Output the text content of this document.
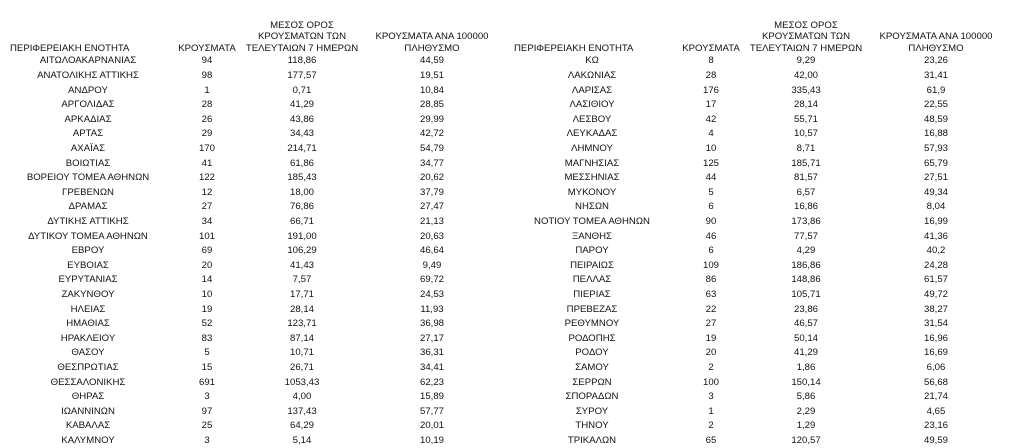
ΠΕΡΙΦΕΡΕΙΑΚΗ ΕΝΟΤΗΤΑ	ΚΡΟΥΣΜΑΤΑ	ΜΕΣΟΣ ΟΡΟΣ
ΚΡΟΥΣΜΑΤΩΝ ΤΩΝ
ΤΕΛΕΥΤΑΙΩΝ 7 ΗΜΕΡΩΝ	ΚΡΟΥΣΜΑΤΑ ΑΝΑ 100000
ΠΛΗΘΥΣΜΟ
ΑΙΤΩΛΟΑΚΑΡΝΑΝΙΑΣ	94	118,86	44,59
ΑΝΑΤΟΛΙΚΗΣ ΑΤΤΙΚΗΣ	98	177,57	19,51
ΑΝΔΡΟΥ	1	0,71	10,84
ΑΡΓΟΛΙΔΑΣ	28	41,29	28,85
ΑΡΚΑΔΙΑΣ	26	43,86	29,99
ΑΡΤΑΣ	29	34,43	42,72
ΑΧΑΪΑΣ	170	214,71	54,79
ΒΟΙΩΤΙΑΣ	41	61,86	34,77
ΒΟΡΕΙΟΥ ΤΟΜΕΑ ΑΘΗΝΩΝ	122	185,43	20,62
ΓΡΕΒΕΝΩΝ	12	18,00	37,79
ΔΡΑΜΑΣ	27	76,86	27,47
ΔΥΤΙΚΗΣ ΑΤΤΙΚΗΣ	34	66,71	21,13
ΔΥΤΙΚΟΥ ΤΟΜΕΑ ΑΘΗΝΩΝ	101	191,00	20,63
ΕΒΡΟΥ	69	106,29	46,64
ΕΥΒΟΙΑΣ	20	41,43	9,49
ΕΥΡΥΤΑΝΙΑΣ	14	7,57	69,72
ΖΑΚΥΝΘΟΥ	10	17,71	24,53
ΗΛΕΙΑΣ	19	28,14	11,93
ΗΜΑΘΙΑΣ	52	123,71	36,98
ΗΡΑΚΛΕΙΟΥ	83	87,14	27,17
ΘΑΣΟΥ	5	10,71	36,31
ΘΕΣΠΡΩΤΙΑΣ	15	26,71	34,41
ΘΕΣΣΑΛΟΝΙΚΗΣ	691	1053,43	62,23
ΘΗΡΑΣ	3	4,00	15,89
ΙΩΑΝΝΙΝΩΝ	97	137,43	57,77
ΚΑΒΑΛΑΣ	25	64,29	20,01
ΚΑΛΥΜΝΟΥ	3	5,14	10,19
ΠΕΡΙΦΕΡΕΙΑΚΗ ΕΝΟΤΗΤΑ	ΚΡΟΥΣΜΑΤΑ	ΜΕΣΟΣ ΟΡΟΣ
ΚΡΟΥΣΜΑΤΩΝ ΤΩΝ
ΤΕΛΕΥΤΑΙΩΝ 7 ΗΜΕΡΩΝ	ΚΡΟΥΣΜΑΤΑ ΑΝΑ 100000
ΠΛΗΘΥΣΜΟ
ΚΩ	8	9,29	23,26
ΛΑΚΩΝΙΑΣ	28	42,00	31,41
ΛΑΡΙΣΑΣ	176	335,43	61,9
ΛΑΣΙΘΙΟΥ	17	28,14	22,55
ΛΕΣΒΟΥ	42	55,71	48,59
ΛΕΥΚΑΔΑΣ	4	10,57	16,88
ΛΗΜΝΟΥ	10	8,71	57,93
ΜΑΓΝΗΣΙΑΣ	125	185,71	65,79
ΜΕΣΣΗΝΙΑΣ	44	81,57	27,51
ΜΥΚΟΝΟΥ	5	6,57	49,34
ΝΗΣΩΝ	6	16,86	8,04
ΝΟΤΙΟΥ ΤΟΜΕΑ ΑΘΗΝΩΝ	90	173,86	16,99
ΞΑΝΘΗΣ	46	77,57	41,36
ΠΑΡΟΥ	6	4,29	40,2
ΠΕΙΡΑΙΩΣ	109	186,86	24,28
ΠΕΛΛΑΣ	86	148,86	61,57
ΠΙΕΡΙΑΣ	63	105,71	49,72
ΠΡΕΒΕΖΑΣ	22	23,86	38,27
ΡΕΘΥΜΝΟΥ	27	46,57	31,54
ΡΟΔΟΠΗΣ	19	50,14	16,96
ΡΟΔΟΥ	20	41,29	16,69
ΣΑΜΟΥ	2	1,86	6,06
ΣΕΡΡΩΝ	100	150,14	56,68
ΣΠΟΡΑΔΩΝ	3	5,86	21,74
ΣΥΡΟΥ	1	2,29	4,65
ΤΗΝΟΥ	2	1,29	23,16
ΤΡΙΚΑΛΩΝ	65	120,57	49,59
